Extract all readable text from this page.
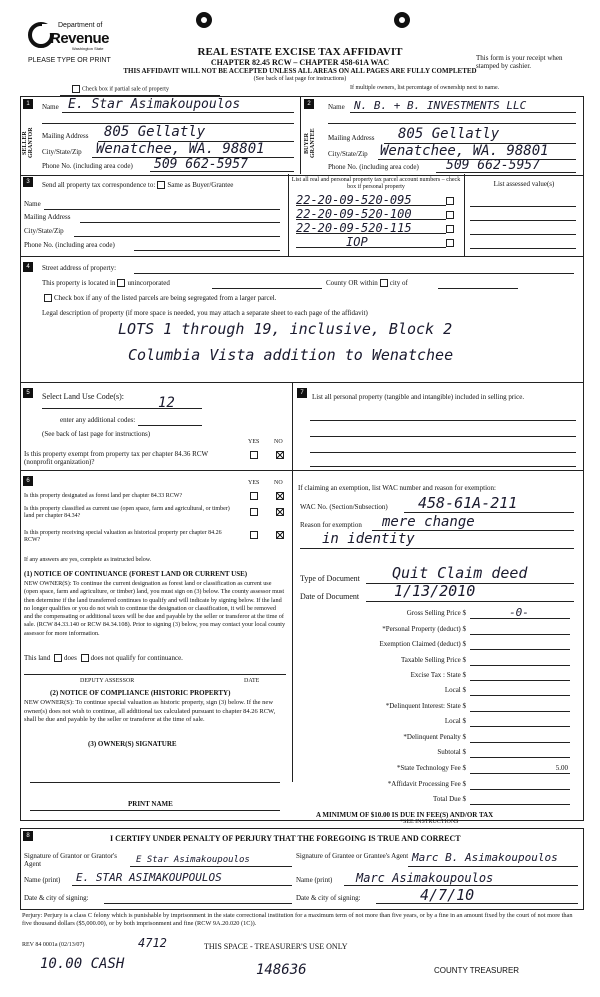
Department of
Revenue
Washington State
PLEASE TYPE OR PRINT
REAL ESTATE EXCISE TAX AFFIDAVIT
CHAPTER 82.45 RCW – CHAPTER 458-61A WAC
THIS AFFIDAVIT WILL NOT BE ACCEPTED UNLESS ALL AREAS ON ALL PAGES ARE FULLY COMPLETED
(See back of last page for instructions)
This form is your receipt when stamped by cashier.
Check box if partial sale of property	If multiple owners, list percentage of ownership next to name.
1
SELLER GRANTOR
Name E. Star Asimakoupoulos
Mailing Address 805 Gellatly
City/State/Zip Wenatchee, WA. 98801
Phone No. (including area code) 509 662-5957
2
BUYER GRANTEE
Name N. B. + B. INVESTMENTS LLC
Mailing Address 805 Gellatly
City/State/Zip Wenatchee, WA. 98801
Phone No. (including area code) 509 662-5957
3	Send all property tax correspondence to: Same as Buyer/Grantee
Name
Mailing Address
City/State/Zip
Phone No. (including area code)
List all real and personal property tax parcel account numbers – check box if personal property	List assessed value(s)
22-20-09-520-095
22-20-09-520-100
22-20-09-520-115
IOP
4	Street address of property:
This property is located in unincorporated	County OR within city of
Check box if any of the listed parcels are being segregated from a larger parcel.
Legal description of property (if more space is needed, you may attach a separate sheet to each page of the affidavit)
LOTS 1 through 19, inclusive, Block 2
Columbia Vista addition to Wenatchee
5	Select Land Use Code(s): 12
enter any additional codes:
(See back of last page for instructions)
YES NO
Is this property exempt from property tax per chapter 84.36 RCW (nonprofit organization)?
7	List all personal property (tangible and intangible) included in selling price.
6	YES NO
Is this property designated as forest land per chapter 84.33 RCW?
Is this property classified as current use (open space, farm and agricultural, or timber) land per chapter 84.34?
Is this property receiving special valuation as historical property per chapter 84.26 RCW?
If any answers are yes, complete as instructed below.
(1) NOTICE OF CONTINUANCE (FOREST LAND OR CURRENT USE)
NEW OWNER(S): To continue the current designation as forest land or classification as current use (open space, farm and agriculture, or timber) land, you must sign on (3) below. The county assessor must then determine if the land transferred continues to qualify and will indicate by signing below. If the land no longer qualifies or you do not wish to continue the designation or classification, it will be removed and the compensating or additional taxes will be due and payable by the seller or transferor at the time of sale. (RCW 84.33.140 or RCW 84.34.108). Prior to signing (3) below, you may contact your local county assessor for more information.
This land does does not qualify for continuance.
DEPUTY ASSESSOR	DATE
(2) NOTICE OF COMPLIANCE (HISTORIC PROPERTY)
NEW OWNER(S): To continue special valuation as historic property, sign (3) below. If the new owner(s) does not wish to continue, all additional tax calculated pursuant to chapter 84.26 RCW, shall be due and payable by the seller or transferor at the time of sale.
(3) OWNER(S) SIGNATURE
PRINT NAME
If claiming an exemption, list WAC number and reason for exemption:
WAC No. (Section/Subsection) 458-61A-211
Reason for exemption mere change
in identity
Type of Document Quit Claim deed
Date of Document 1/13/2010
Gross Selling Price $	-0-
*Personal Property (deduct) $
Exemption Claimed (deduct) $
Taxable Selling Price $
Excise Tax : State $
Local $
*Delinquent Interest: State $
Local $
*Delinquent Penalty $
Subtotal $
*State Technology Fee $	5.00
*Affidavit Processing Fee $
Total Due $
A MINIMUM OF $10.00 IS DUE IN FEE(S) AND/OR TAX
*SEE INSTRUCTIONS
8	I CERTIFY UNDER PENALTY OF PERJURY THAT THE FOREGOING IS TRUE AND CORRECT
Signature of Grantor or Grantor's Agent	E Star Asimakoupoulos
Name (print) E. STAR ASIMAKOUPOULOS
Date & city of signing:
Signature of Grantee or Grantee's Agent Marc B. Asimakoupoulos
Name (print) Marc Asimakoupoulos
Date & city of signing:	4/7/10
Perjury: Perjury is a class C felony which is punishable by imprisonment in the state correctional institution for a maximum term of not more than five years, or by a fine in an amount fixed by the court of not more than five thousand dollars ($5,000.00), or by both imprisonment and fine (RCW 9A.20.020 (1C)).
REV 84 0001a (02/13/07)	4712	THIS SPACE - TREASURER'S USE ONLY
10.00 CASH	148636	COUNTY TREASURER
